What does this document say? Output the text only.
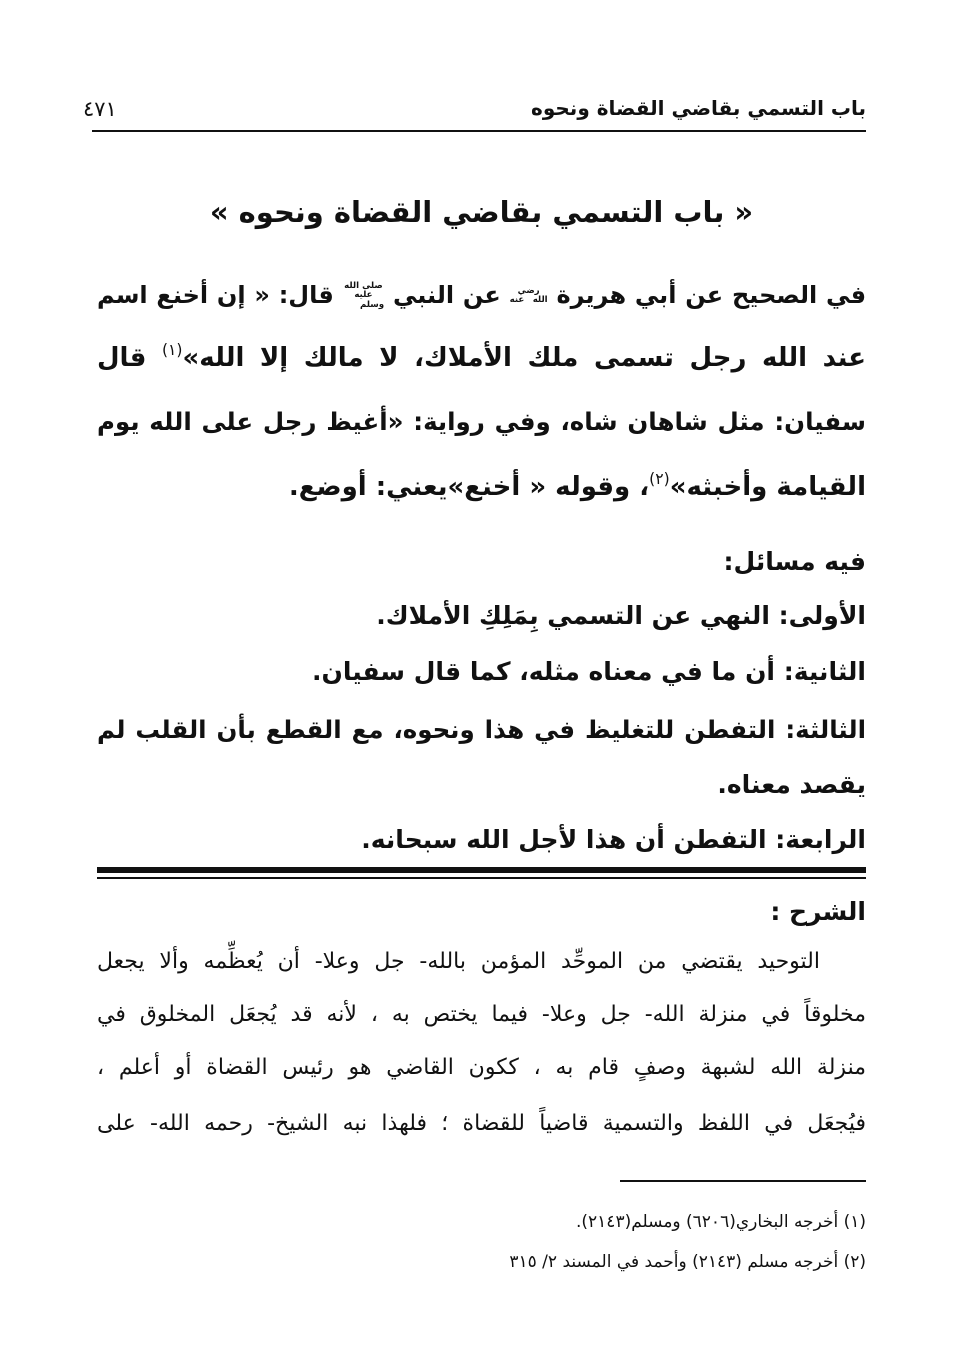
باب التسمي بقاضي القضاة ونحوه
٤٧١
« باب التسمي بقاضي القضاة ونحوه »
في الصحيح عن أبي هريرة رضي الله عنه عن النبي صلى الله عليه وسلم قال: « إن أخنع اسم
عند الله رجل تسمى ملك الأملاك، لا مالك إلا الله»$^{(١)}$ قال
سفيان: مثل شاهان شاه، وفي رواية: «أغيظ رجل على الله يوم
القيامة وأخبثه»$^{(٢)}$، وقوله « أخنع»يعني: أوضع.
فيه مسائل:
الأولى: النهي عن التسمي بِمَلِكِ الأملاك.
الثانية: أن ما في معناه مثله، كما قال سفيان.
الثالثة: التفطن للتغليظ في هذا ونحوه، مع القطع بأن القلب لم
يقصد معناه.
الرابعة: التفطن أن هذا لأجل الله سبحانه.
الشرح :
التوحيد يقتضي من الموحِّد المؤمن بالله- جل وعلا- أن يُعظِّمه وألا يجعل
مخلوقاً في منزلة الله- جل وعلا- فيما يختص به ، لأنه قد يُجعَل المخلوق في
منزلة الله لشبهة وصفٍ قام به ، ككون القاضي هو رئيس القضاة أو أعلم ،
فيُجعَل في اللفظ والتسمية قاضياً للقضاة ؛ فلهذا نبه الشيخ- رحمه الله- على
(١) أخرجه البخاري(٦٢٠٦) ومسلم(٢١٤٣).
(٢) أخرجه مسلم (٢١٤٣) وأحمد في المسند ٢/ ٣١٥
